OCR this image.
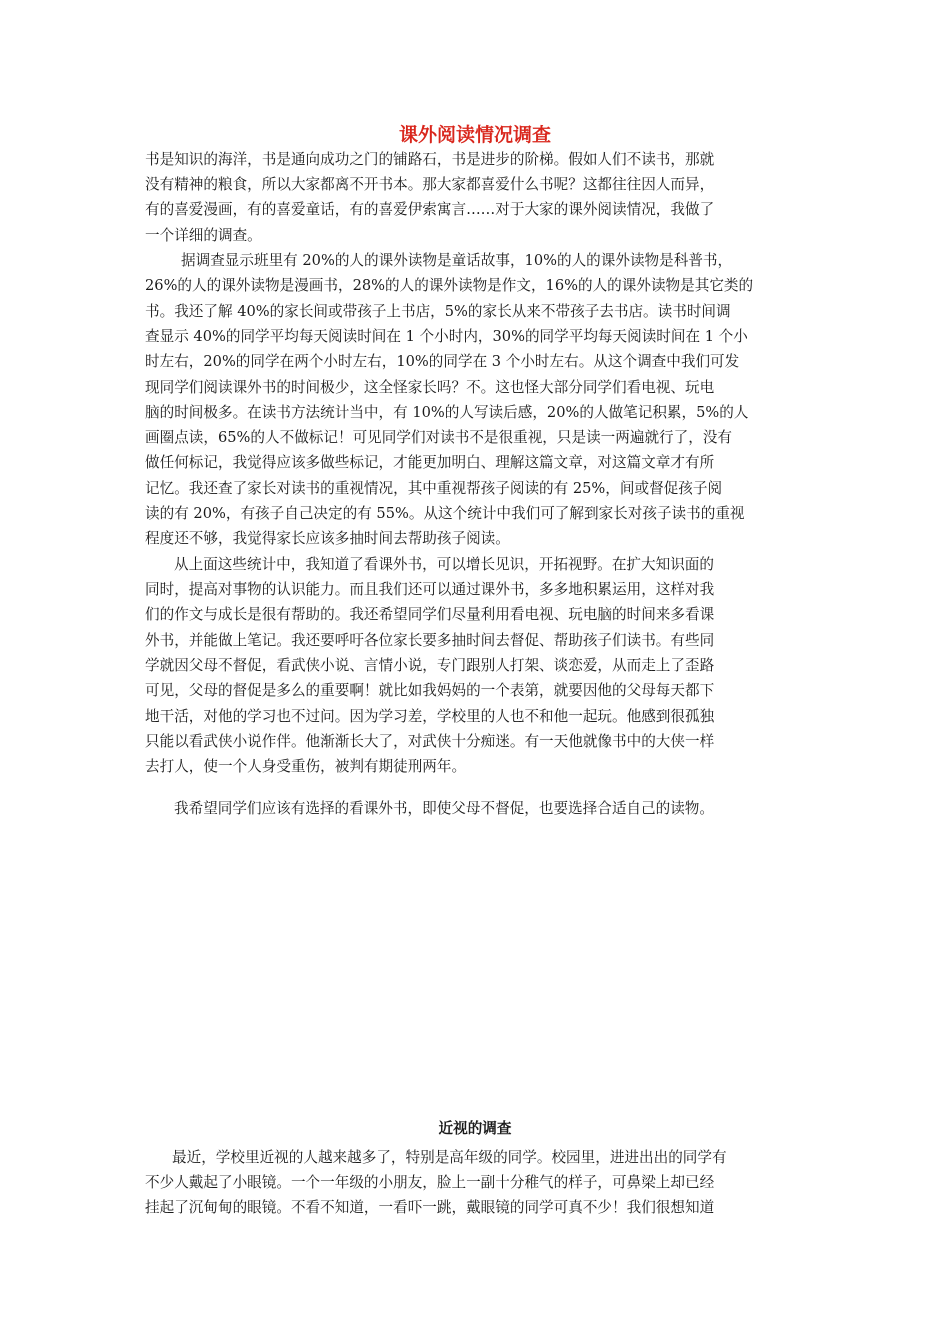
课外阅读情况调查

书是知识的海洋，书是通向成功之门的铺路石，书是进步的阶梯。假如人们不读书，那就

没有精神的粮食，所以大家都离不开书本。那大家都喜爱什么书呢？这都往往因人而异，

有的喜爱漫画，有的喜爱童话，有的喜爱伊索寓言……对于大家的课外阅读情况，我做了

一个详细的调查。

据调查显示班里有 20%的人的课外读物是童话故事，10%的人的课外读物是科普书，

26%的人的课外读物是漫画书，28%的人的课外读物是作文，16%的人的课外读物是其它类的

书。我还了解 40%的家长间或带孩子上书店，5%的家长从来不带孩子去书店。读书时间调

查显示 40%的同学平均每天阅读时间在 1 个小时内，30%的同学平均每天阅读时间在 1 个小

时左右，20%的同学在两个小时左右，10%的同学在 3 个小时左右。从这个调查中我们可发

现同学们阅读课外书的时间极少，这全怪家长吗？不。这也怪大部分同学们看电视、玩电

脑的时间极多。在读书方法统计当中，有 10%的人写读后感，20%的人做笔记积累，5%的人

画圈点读，65%的人不做标记！可见同学们对读书不是很重视，只是读一两遍就行了，没有

做任何标记，我觉得应该多做些标记，才能更加明白、理解这篇文章，对这篇文章才有所

记忆。我还查了家长对读书的重视情况，其中重视帮孩子阅读的有 25%，间或督促孩子阅

读的有 20%，有孩子自己决定的有 55%。从这个统计中我们可了解到家长对孩子读书的重视

程度还不够，我觉得家长应该多抽时间去帮助孩子阅读。

从上面这些统计中，我知道了看课外书，可以增长见识，开拓视野。在扩大知识面的

同时，提高对事物的认识能力。而且我们还可以通过课外书，多多地积累运用，这样对我

们的作文与成长是很有帮助的。我还希望同学们尽量利用看电视、玩电脑的时间来多看课

外书，并能做上笔记。我还要呼吁各位家长要多抽时间去督促、帮助孩子们读书。有些同

学就因父母不督促，看武侠小说、言情小说，专门跟别人打架、谈恋爱，从而走上了歪路

可见，父母的督促是多么的重要啊！就比如我妈妈的一个表第，就要因他的父母每天都下

地干活，对他的学习也不过问。因为学习差，学校里的人也不和他一起玩。他感到很孤独

只能以看武侠小说作伴。他渐渐长大了，对武侠十分痴迷。有一天他就像书中的大侠一样

去打人，使一个人身受重伤，被判有期徒刑两年。

我希望同学们应该有选择的看课外书，即使父母不督促，也要选择合适自己的读物。

近视的调查

最近，学校里近视的人越来越多了，特别是高年级的同学。校园里，进进出出的同学有

不少人戴起了小眼镜。一个一年级的小朋友，脸上一副十分稚气的样子，可鼻梁上却已经

挂起了沉甸甸的眼镜。不看不知道，一看吓一跳，戴眼镜的同学可真不少！我们很想知道
